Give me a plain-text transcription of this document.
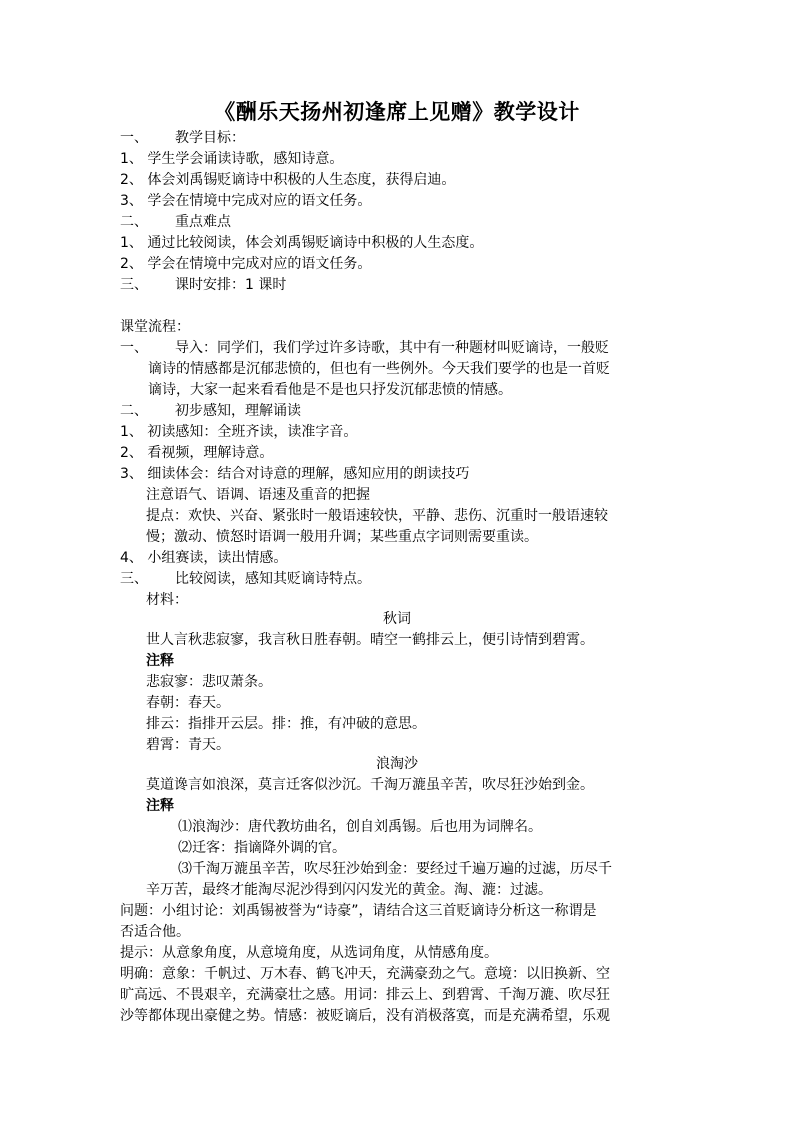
《酬乐天扬州初逢席上见赠》教学设计
一、 教学目标：
1、 学生学会诵读诗歌，感知诗意。
2、 体会刘禹锡贬谪诗中积极的人生态度，获得启迪。
3、 学会在情境中完成对应的语文任务。
二、 重点难点
1、 通过比较阅读，体会刘禹锡贬谪诗中积极的人生态度。
2、 学会在情境中完成对应的语文任务。
三、 课时安排：1 课时
课堂流程：
一、 导入：同学们，我们学过许多诗歌，其中有一种题材叫贬谪诗，一般贬
谪诗的情感都是沉郁悲愤的，但也有一些例外。今天我们要学的也是一首贬
谪诗，大家一起来看看他是不是也只抒发沉郁悲愤的情感。
二、 初步感知，理解诵读
1、 初读感知：全班齐读，读准字音。
2、 看视频，理解诗意。
3、 细读体会：结合对诗意的理解，感知应用的朗读技巧
注意语气、语调、语速及重音的把握
提点：欢快、兴奋、紧张时一般语速较快，平静、悲伤、沉重时一般语速较
慢；激动、愤怒时语调一般用升调；某些重点字词则需要重读。
4、 小组赛读，读出情感。
三、 比较阅读，感知其贬谪诗特点。
材料：
秋词
世人言秋悲寂寥，我言秋日胜春朝。晴空一鹤排云上，便引诗情到碧霄。
注释
悲寂寥：悲叹萧条。
春朝：春天。
排云：指排开云层。排：推，有冲破的意思。
碧霄：青天。
浪淘沙
莫道谗言如浪深，莫言迁客似沙沉。千淘万漉虽辛苦，吹尽狂沙始到金。
注释
⑴浪淘沙：唐代教坊曲名，创自刘禹锡。后也用为词牌名。
⑵迁客：指谪降外调的官。
⑶千淘万漉虽辛苦，吹尽狂沙始到金：要经过千遍万遍的过滤，历尽千
辛万苦，最终才能淘尽泥沙得到闪闪发光的黄金。淘、漉：过滤。
问题：小组讨论：刘禹锡被誉为“诗豪”，请结合这三首贬谪诗分析这一称谓是
否适合他。
提示：从意象角度，从意境角度，从选词角度，从情感角度。
明确：意象：千帆过、万木春、鹤飞冲天，充满豪劲之气。意境：以旧换新、空
旷高远、不畏艰辛，充满豪壮之感。用词：排云上、到碧霄、千淘万漉、吹尽狂
沙等都体现出豪健之势。情感：被贬谪后，没有消极落寞，而是充满希望，乐观
